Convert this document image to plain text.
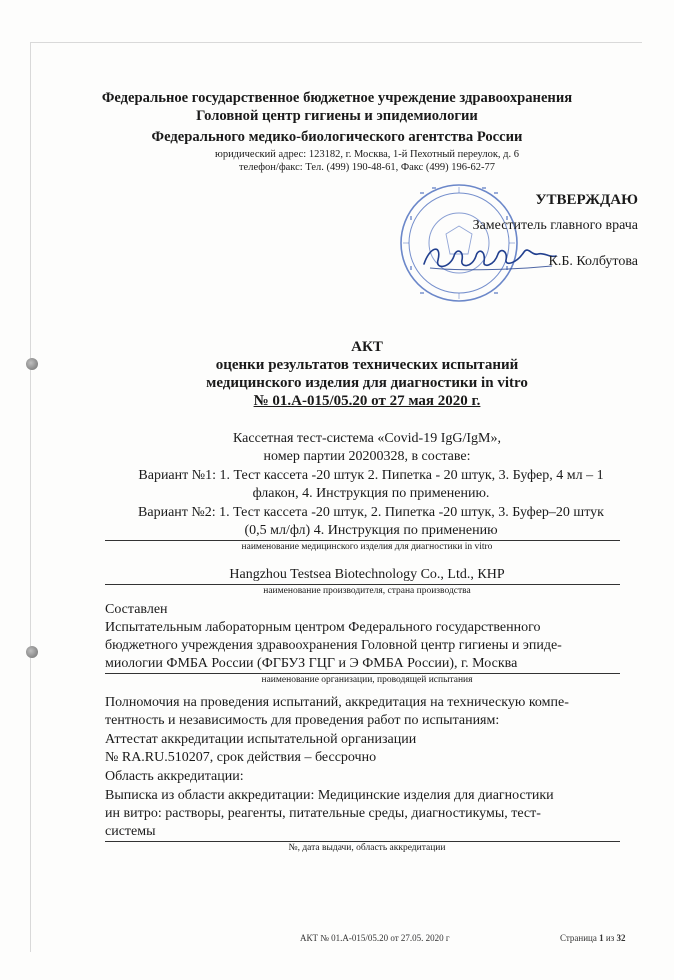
Федеральное государственное бюджетное учреждение здравоохранения
Головной центр гигиены и эпидемиологии
Федерального медико-биологического агентства России
юридический адрес: 123182, г. Москва, 1-й Пехотный переулок, д. 6
телефон/факс: Тел. (499) 190-48-61, Факс (499) 196-62-77
УТВЕРЖДАЮ
Заместитель главного врача
К.Б. Колбутова
АКТ
оценки результатов технических испытаний
медицинского изделия для диагностики in vitro
№ 01.А-015/05.20 от 27 мая 2020 г.
Кассетная тест-система «Covid-19 IgG/IgM»,
номер партии 20200328, в составе:
Вариант №1: 1. Тест кассета -20 штук 2. Пипетка - 20 штук, 3. Буфер, 4 мл – 1
флакон, 4. Инструкция по применению.
Вариант №2: 1. Тест кассета -20 штук, 2. Пипетка -20 штук, 3. Буфер–20 штук
(0,5 мл/фл) 4. Инструкция по применению
наименование медицинского изделия для диагностики in vitro
Hangzhou Testsea Biotechnology Co., Ltd., КНР
наименование производителя, страна производства
Составлен
Испытательным лабораторным центром Федерального государственного
бюджетного учреждения здравоохранения Головной центр гигиены и эпиде-
миологии ФМБА России (ФГБУЗ ГЦГ и Э ФМБА России), г. Москва
наименование организации, проводящей испытания
Полномочия на проведения испытаний, аккредитация на техническую компе-
тентность и независимость для проведения работ по испытаниям:
Аттестат аккредитации испытательной организации
№ RA.RU.510207, срок действия – бессрочно
Область аккредитации:
Выписка из области аккредитации: Медицинские изделия для диагностики
ин витро: растворы, реагенты, питательные среды, диагностикумы, тест-
системы
№, дата выдачи, область аккредитации
АКТ № 01.А-015/05.20 от 27.05. 2020 г	Страница 1 из 32
